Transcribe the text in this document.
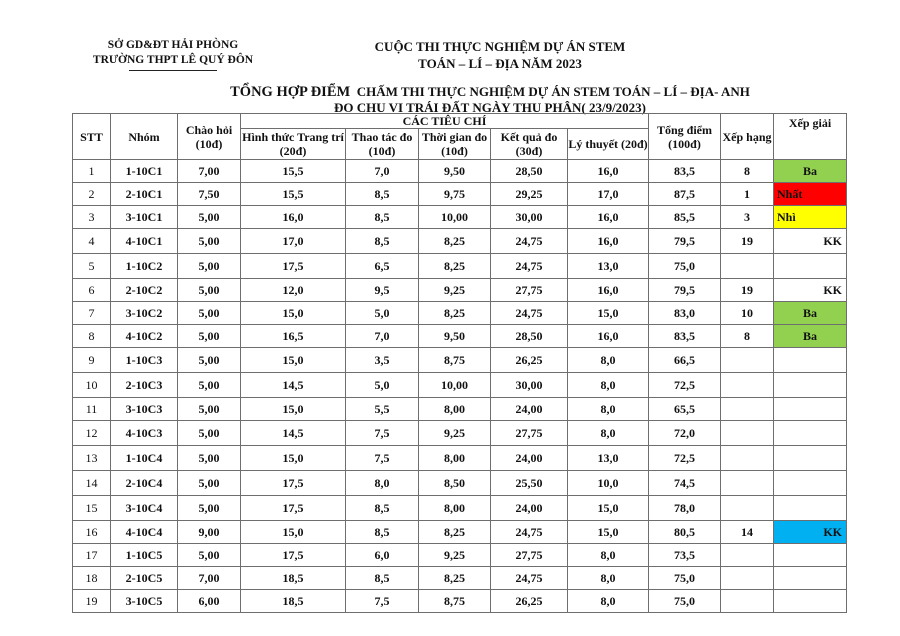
SỞ GD&ĐT HẢI PHÒNG
TRƯỜNG THPT LÊ QUÝ ĐÔN
CUỘC THI THỰC NGHIỆM DỰ ÁN STEM
TOÁN – LÍ – ĐỊA NĂM 2023
TỔNG HỢP ĐIỂM CHẤM THI THỰC NGHIỆM DỰ ÁN STEM TOÁN – LÍ – ĐỊA- ANH
ĐO CHU VI TRÁI ĐẤT NGÀY THU PHÂN( 23/9/2023)
STT	Nhóm	Chào hỏi (10đ)	CÁC TIÊU CHÍ					Tổng điểm (100đ)	Xếp hạng	Xếp giải
			Hình thức Trang trí (20đ)	Thao tác đo (10đ)	Thời gian đo (10đ)	Kết quả đo (30đ)	Lý thuyết (20đ)			
1	1-10C1	7,00	15,5	7,0	9,50	28,50	16,0	83,5	8	Ba
2	2-10C1	7,50	15,5	8,5	9,75	29,25	17,0	87,5	1	Nhất
3	3-10C1	5,00	16,0	8,5	10,00	30,00	16,0	85,5	3	Nhì
4	4-10C1	5,00	17,0	8,5	8,25	24,75	16,0	79,5	19	KK
5	1-10C2	5,00	17,5	6,5	8,25	24,75	13,0	75,0		
6	2-10C2	5,00	12,0	9,5	9,25	27,75	16,0	79,5	19	KK
7	3-10C2	5,00	15,0	5,0	8,25	24,75	15,0	83,0	10	Ba
8	4-10C2	5,00	16,5	7,0	9,50	28,50	16,0	83,5	8	Ba
9	1-10C3	5,00	15,0	3,5	8,75	26,25	8,0	66,5		
10	2-10C3	5,00	14,5	5,0	10,00	30,00	8,0	72,5		
11	3-10C3	5,00	15,0	5,5	8,00	24,00	8,0	65,5		
12	4-10C3	5,00	14,5	7,5	9,25	27,75	8,0	72,0		
13	1-10C4	5,00	15,0	7,5	8,00	24,00	13,0	72,5		
14	2-10C4	5,00	17,5	8,0	8,50	25,50	10,0	74,5		
15	3-10C4	5,00	17,5	8,5	8,00	24,00	15,0	78,0		
16	4-10C4	9,00	15,0	8,5	8,25	24,75	15,0	80,5	14	KK
17	1-10C5	5,00	17,5	6,0	9,25	27,75	8,0	73,5		
18	2-10C5	7,00	18,5	8,5	8,25	24,75	8,0	75,0		
19	3-10C5	6,00	18,5	7,5	8,75	26,25	8,0	75,0		
